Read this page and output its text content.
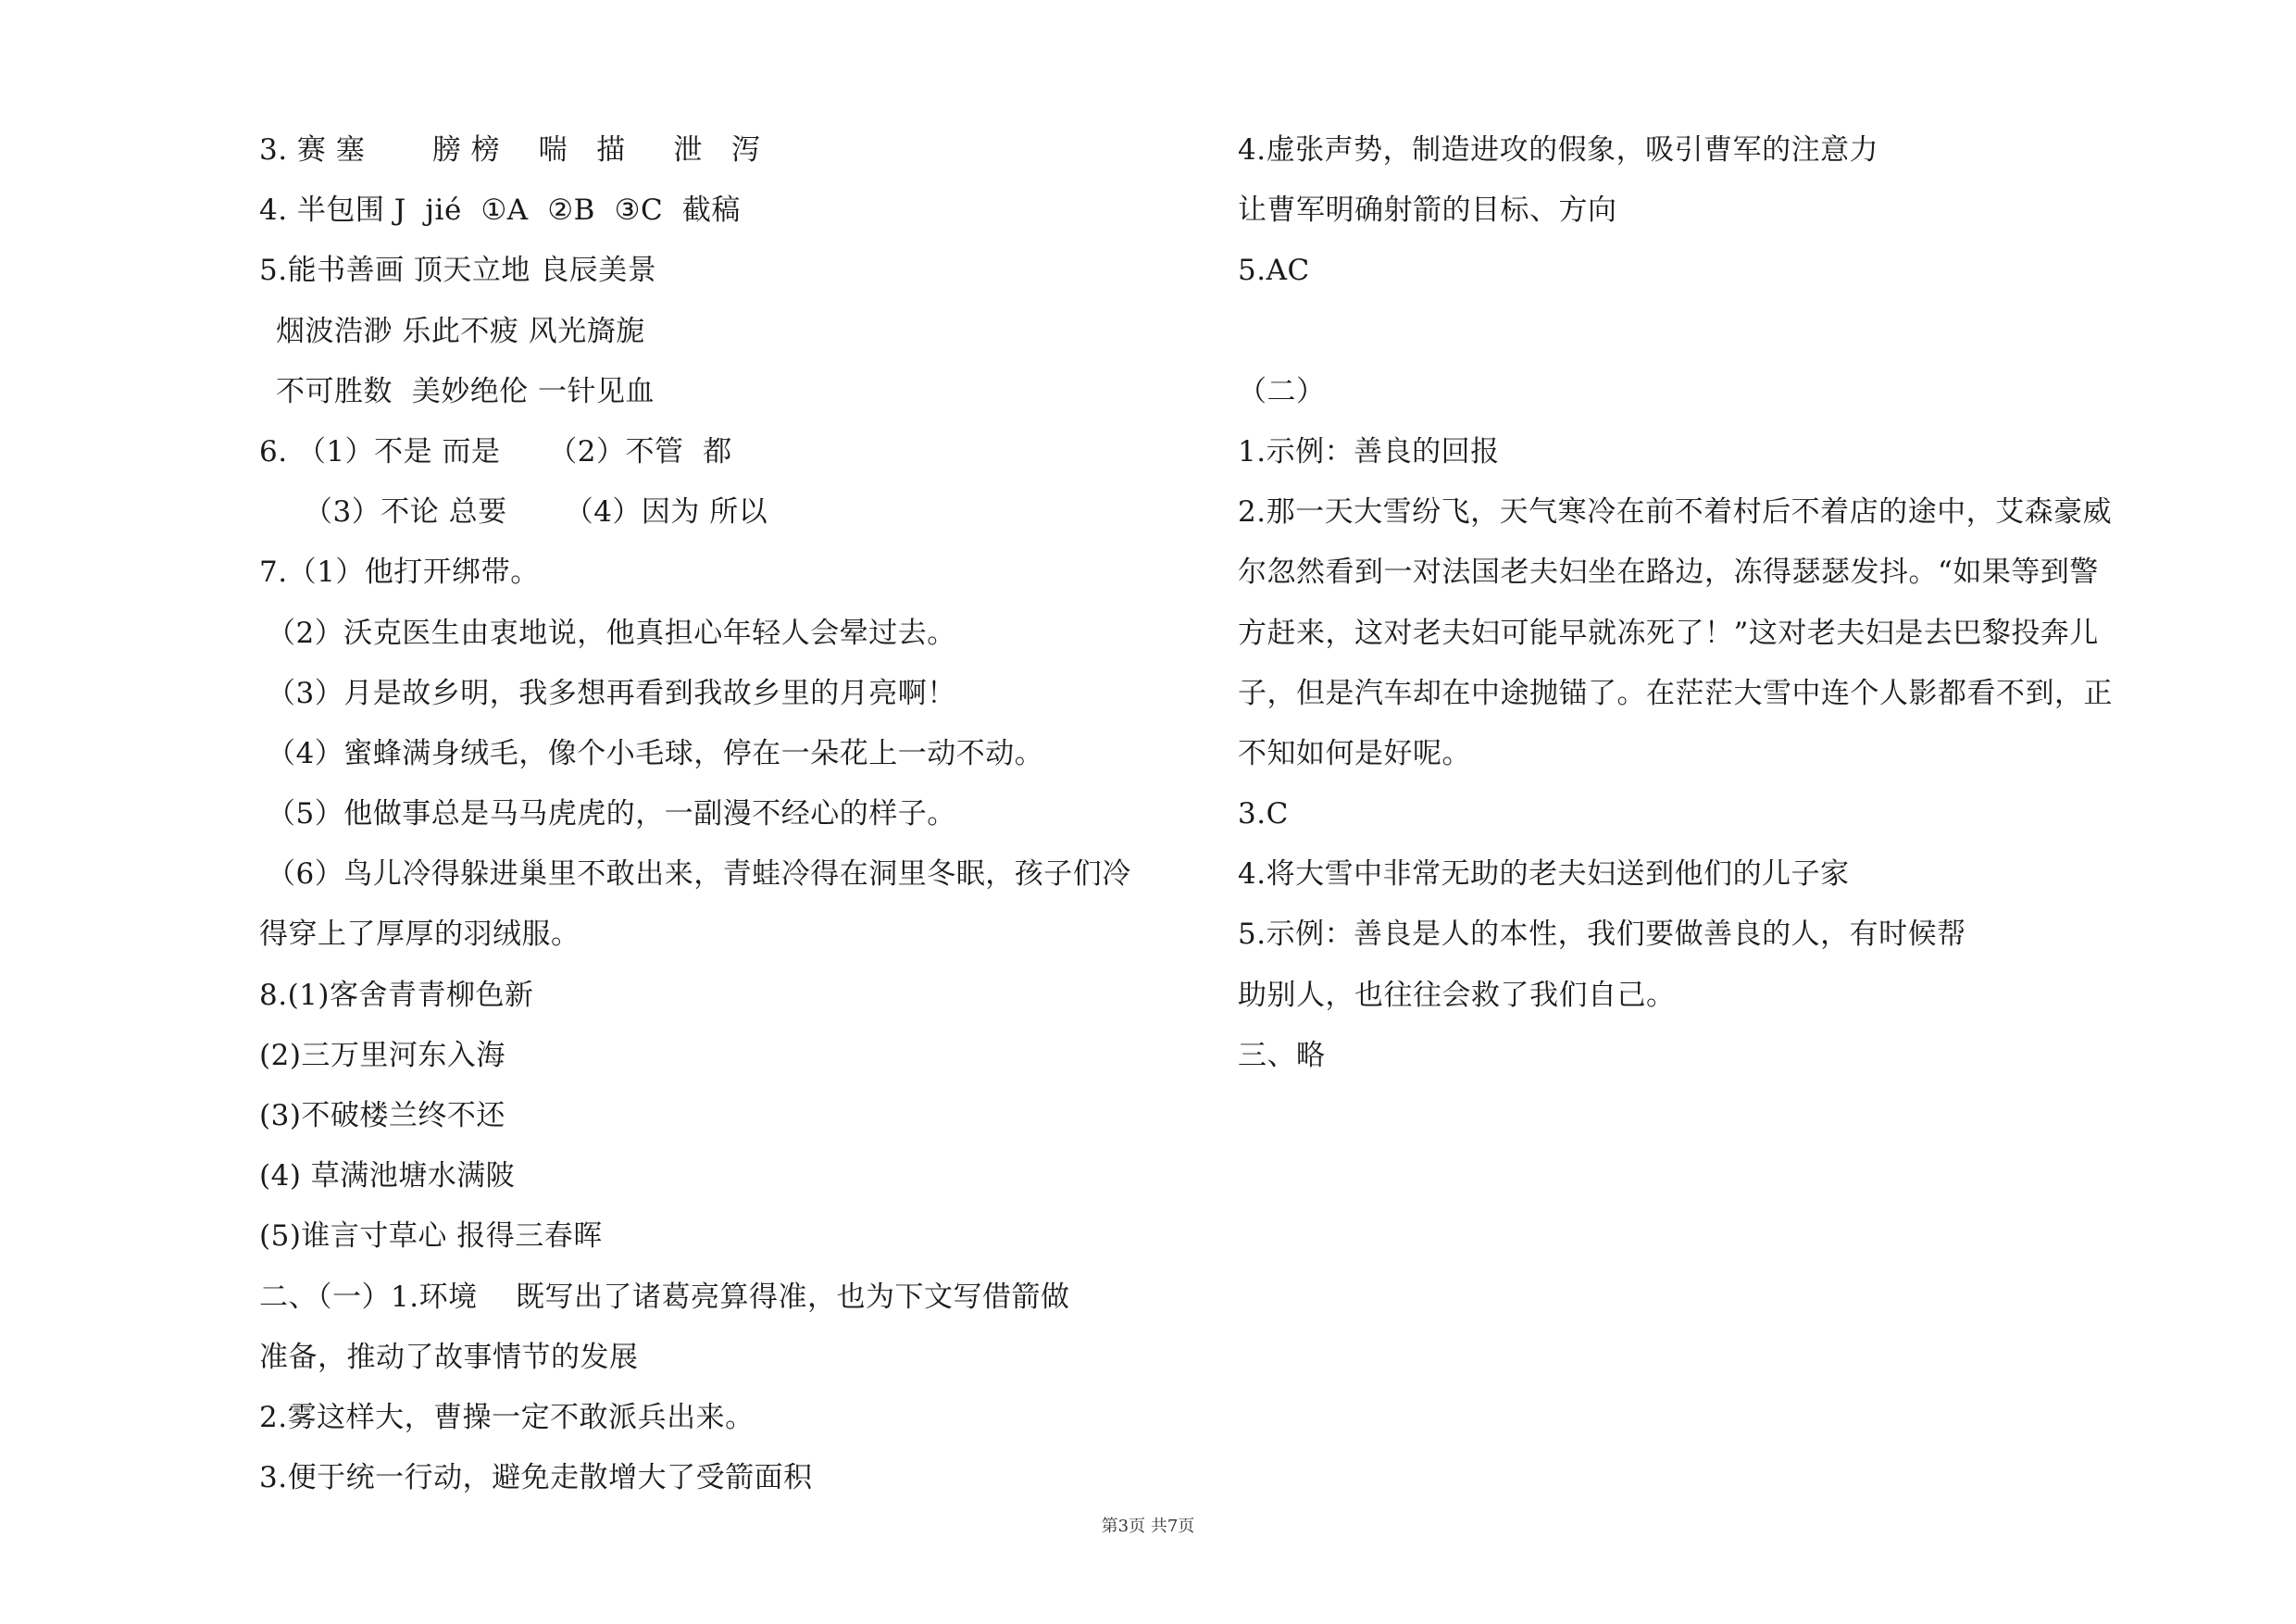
3. 赛 塞       膀 榜    喘   描     泄   泻
4. 半包围 J  jié  ①A  ②B  ③C  截稿
5.能书善画 顶天立地 良辰美景
烟波浩渺 乐此不疲 风光旖旎
不可胜数  美妙绝伦 一针见血
6. （1）不是 而是     （2）不管  都
（3）不论 总要      （4）因为 所以
7.（1）他打开绑带。
（2）沃克医生由衷地说，他真担心年轻人会晕过去。
（3）月是故乡明，我多想再看到我故乡里的月亮啊！
（4）蜜蜂满身绒毛，像个小毛球，停在一朵花上一动不动。
（5）他做事总是马马虎虎的，一副漫不经心的样子。
（6）鸟儿冷得躲进巢里不敢出来，青蛙冷得在洞里冬眠，孩子们冷
得穿上了厚厚的羽绒服。
8.(1)客舍青青柳色新
(2)三万里河东入海
(3)不破楼兰终不还
(4) 草满池塘水满陂
(5)谁言寸草心 报得三春晖
二、（一）1.环境    既写出了诸葛亮算得准，也为下文写借箭做
准备，推动了故事情节的发展
2.雾这样大，曹操一定不敢派兵出来。
3.便于统一行动，避免走散增大了受箭面积
4.虚张声势，制造进攻的假象，吸引曹军的注意力
让曹军明确射箭的目标、方向
5.AC
（二）
1.示例：善良的回报
2.那一天大雪纷飞，天气寒冷在前不着村后不着店的途中，艾森豪威
尔忽然看到一对法国老夫妇坐在路边，冻得瑟瑟发抖。“如果等到警
方赶来，这对老夫妇可能早就冻死了！”这对老夫妇是去巴黎投奔儿
子，但是汽车却在中途抛锚了。在茫茫大雪中连个人影都看不到，正
不知如何是好呢。
3.C
4.将大雪中非常无助的老夫妇送到他们的儿子家
5.示例：善良是人的本性，我们要做善良的人，有时候帮
助别人，也往往会救了我们自己。
三、略
第3页 共7页
